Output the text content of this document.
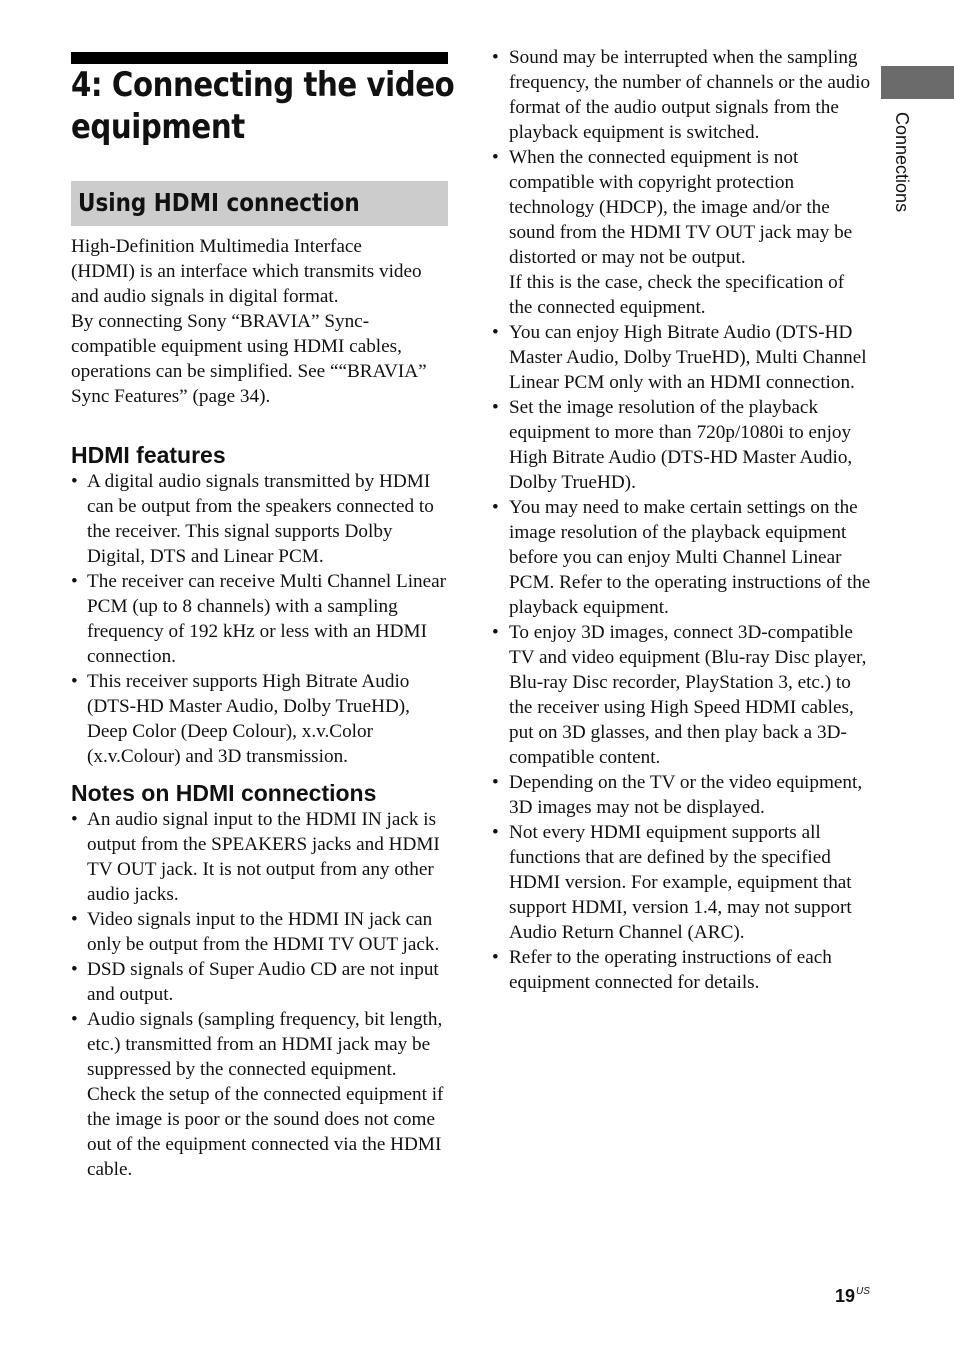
4: Connecting the video
equipment
Using HDMI connection

High-Definition Multimedia Interface

(HDMI) is an interface which transmits video

and audio signals in digital format.

By connecting Sony “BRAVIA” Sync-

compatible equipment using HDMI cables,

operations can be simplified. See ““BRAVIA”

Sync Features” (page 34).

HDMI features
• A digital audio signals transmitted by HDMI can be output from the speakers connected to the receiver. This signal supports Dolby Digital, DTS and Linear PCM.
• The receiver can receive Multi Channel Linear PCM (up to 8 channels) with a sampling frequency of 192 kHz or less with an HDMI connection.
• This receiver supports High Bitrate Audio (DTS-HD Master Audio, Dolby TrueHD), Deep Color (Deep Colour), x.v.Color (x.v.Colour) and 3D transmission.
Notes on HDMI connections
• An audio signal input to the HDMI IN jack is output from the SPEAKERS jacks and HDMI TV OUT jack. It is not output from any other audio jacks.
• Video signals input to the HDMI IN jack can only be output from the HDMI TV OUT jack.
• DSD signals of Super Audio CD are not input and output.
• Audio signals (sampling frequency, bit length, etc.) transmitted from an HDMI jack may be suppressed by the connected equipment. Check the setup of the connected equipment if the image is poor or the sound does not come out of the equipment connected via the HDMI cable.
• Sound may be interrupted when the sampling frequency, the number of channels or the audio format of the audio output signals from the playback equipment is switched.
• When the connected equipment is not compatible with copyright protection technology (HDCP), the image and/or the sound from the HDMI TV OUT jack may be distorted or may not be output.
If this is the case, check the specification of the connected equipment.
• You can enjoy High Bitrate Audio (DTS-HD Master Audio, Dolby TrueHD), Multi Channel Linear PCM only with an HDMI connection.
• Set the image resolution of the playback equipment to more than 720p/1080i to enjoy High Bitrate Audio (DTS-HD Master Audio, Dolby TrueHD).
• You may need to make certain settings on the image resolution of the playback equipment before you can enjoy Multi Channel Linear PCM. Refer to the operating instructions of the playback equipment.
• To enjoy 3D images, connect 3D-compatible TV and video equipment (Blu-ray Disc player, Blu-ray Disc recorder, PlayStation 3, etc.) to the receiver using High Speed HDMI cables, put on 3D glasses, and then play back a 3D-compatible content.
• Depending on the TV or the video equipment, 3D images may not be displayed.
• Not every HDMI equipment supports all functions that are defined by the specified HDMI version. For example, equipment that support HDMI, version 1.4, may not support Audio Return Channel (ARC).
• Refer to the operating instructions of each equipment connected for details.
Connections
$19^{US}$
